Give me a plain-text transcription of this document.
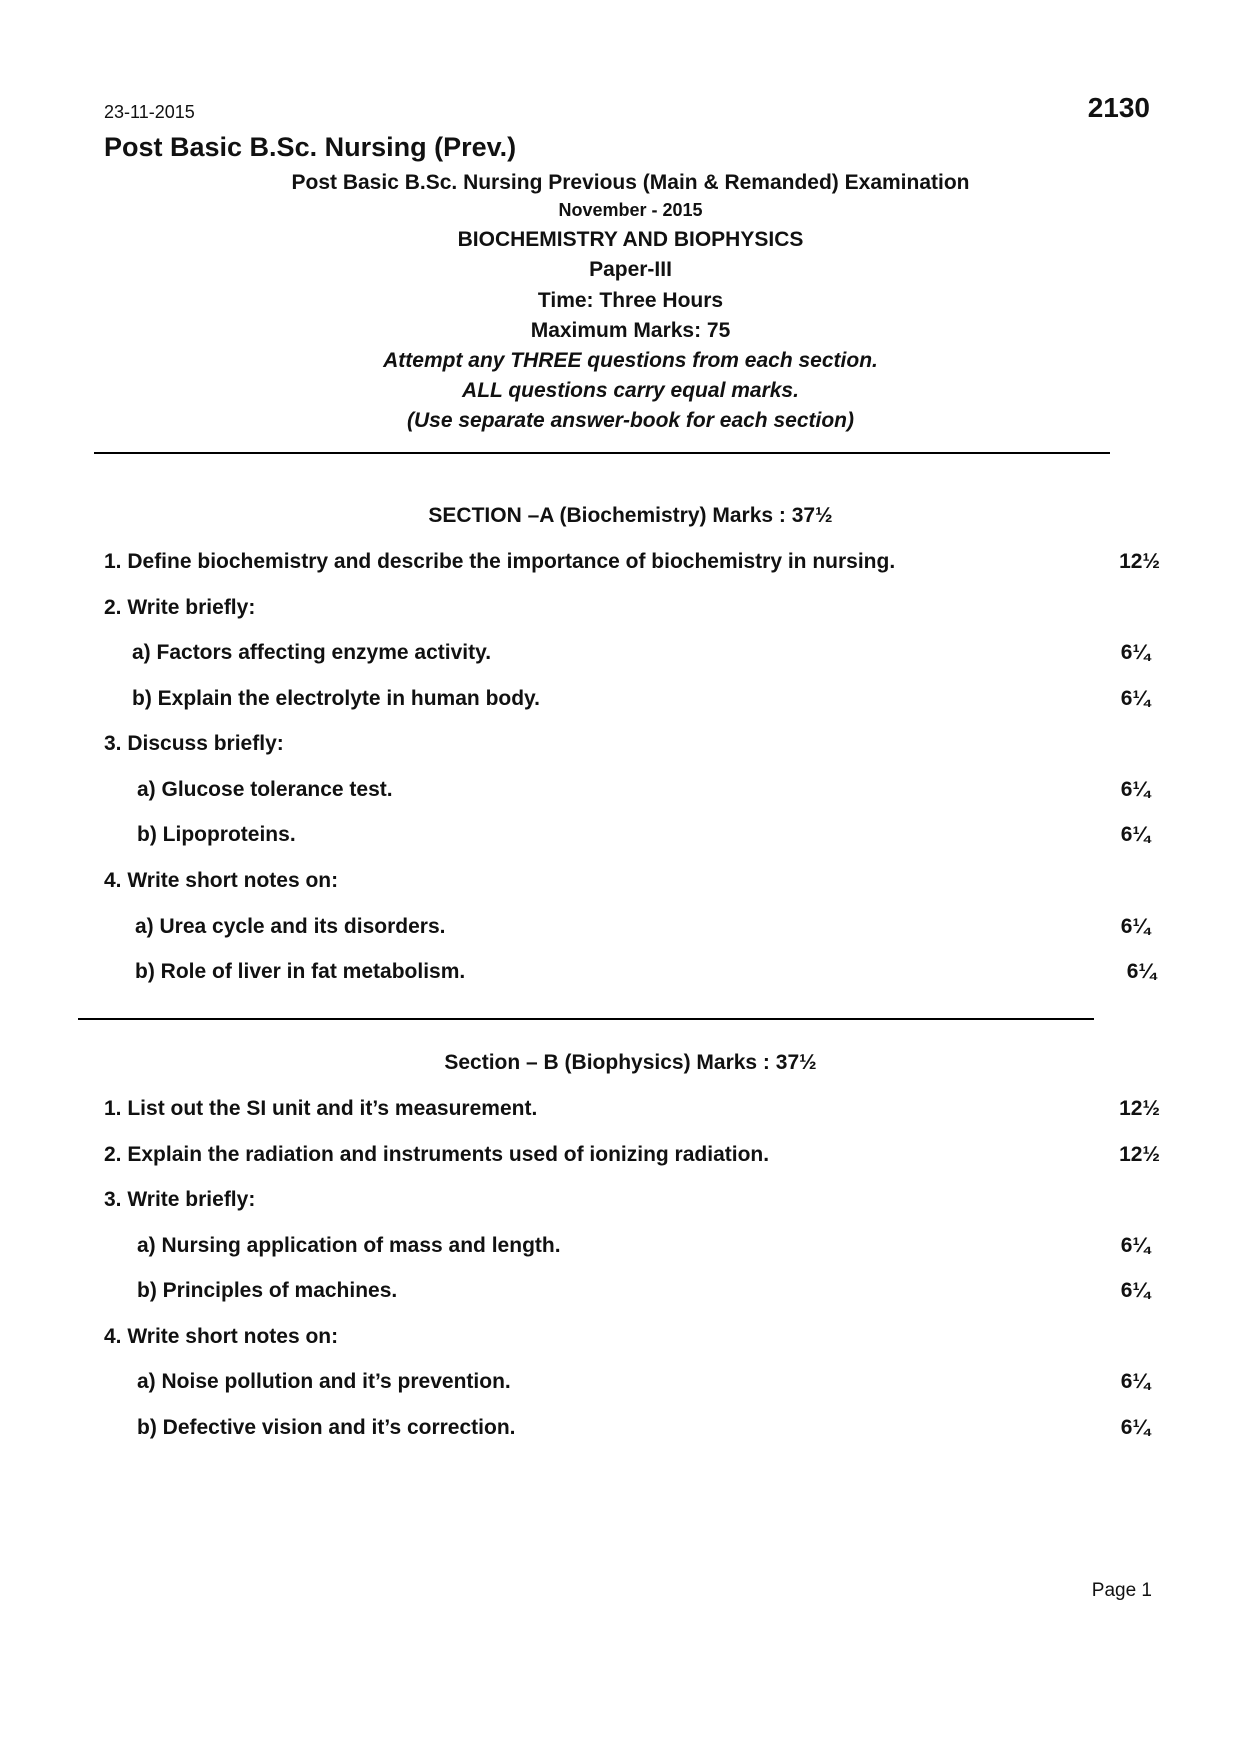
23-11-2015	2130
Post Basic B.Sc. Nursing (Prev.)
Post Basic B.Sc. Nursing Previous (Main & Remanded) Examination
November - 2015
BIOCHEMISTRY AND BIOPHYSICS
Paper-III
Time: Three Hours
Maximum Marks: 75
Attempt any THREE questions from each section.
ALL questions carry equal marks.
(Use separate answer-book for each section)
SECTION –A (Biochemistry) Marks : 37½
1. Define biochemistry and describe the importance of biochemistry in nursing.	12½
2. Write briefly:
a) Factors affecting enzyme activity.	6¼
b) Explain the electrolyte in human body.	6¼
3. Discuss briefly:
a) Glucose tolerance test.	6¼
b) Lipoproteins.	6¼
4. Write short notes on:
a) Urea cycle and its disorders.	6¼
b) Role of liver in fat metabolism.	6¼
Section – B (Biophysics) Marks : 37½
1. List out the SI unit and it’s measurement.	12½
2. Explain the radiation and instruments used of ionizing radiation.	12½
3. Write briefly:
a) Nursing application of mass and length.	6¼
b) Principles of machines.	6¼
4. Write short notes on:
a) Noise pollution and it’s prevention.	6¼
b) Defective vision and it’s correction.	6¼
Page 1
